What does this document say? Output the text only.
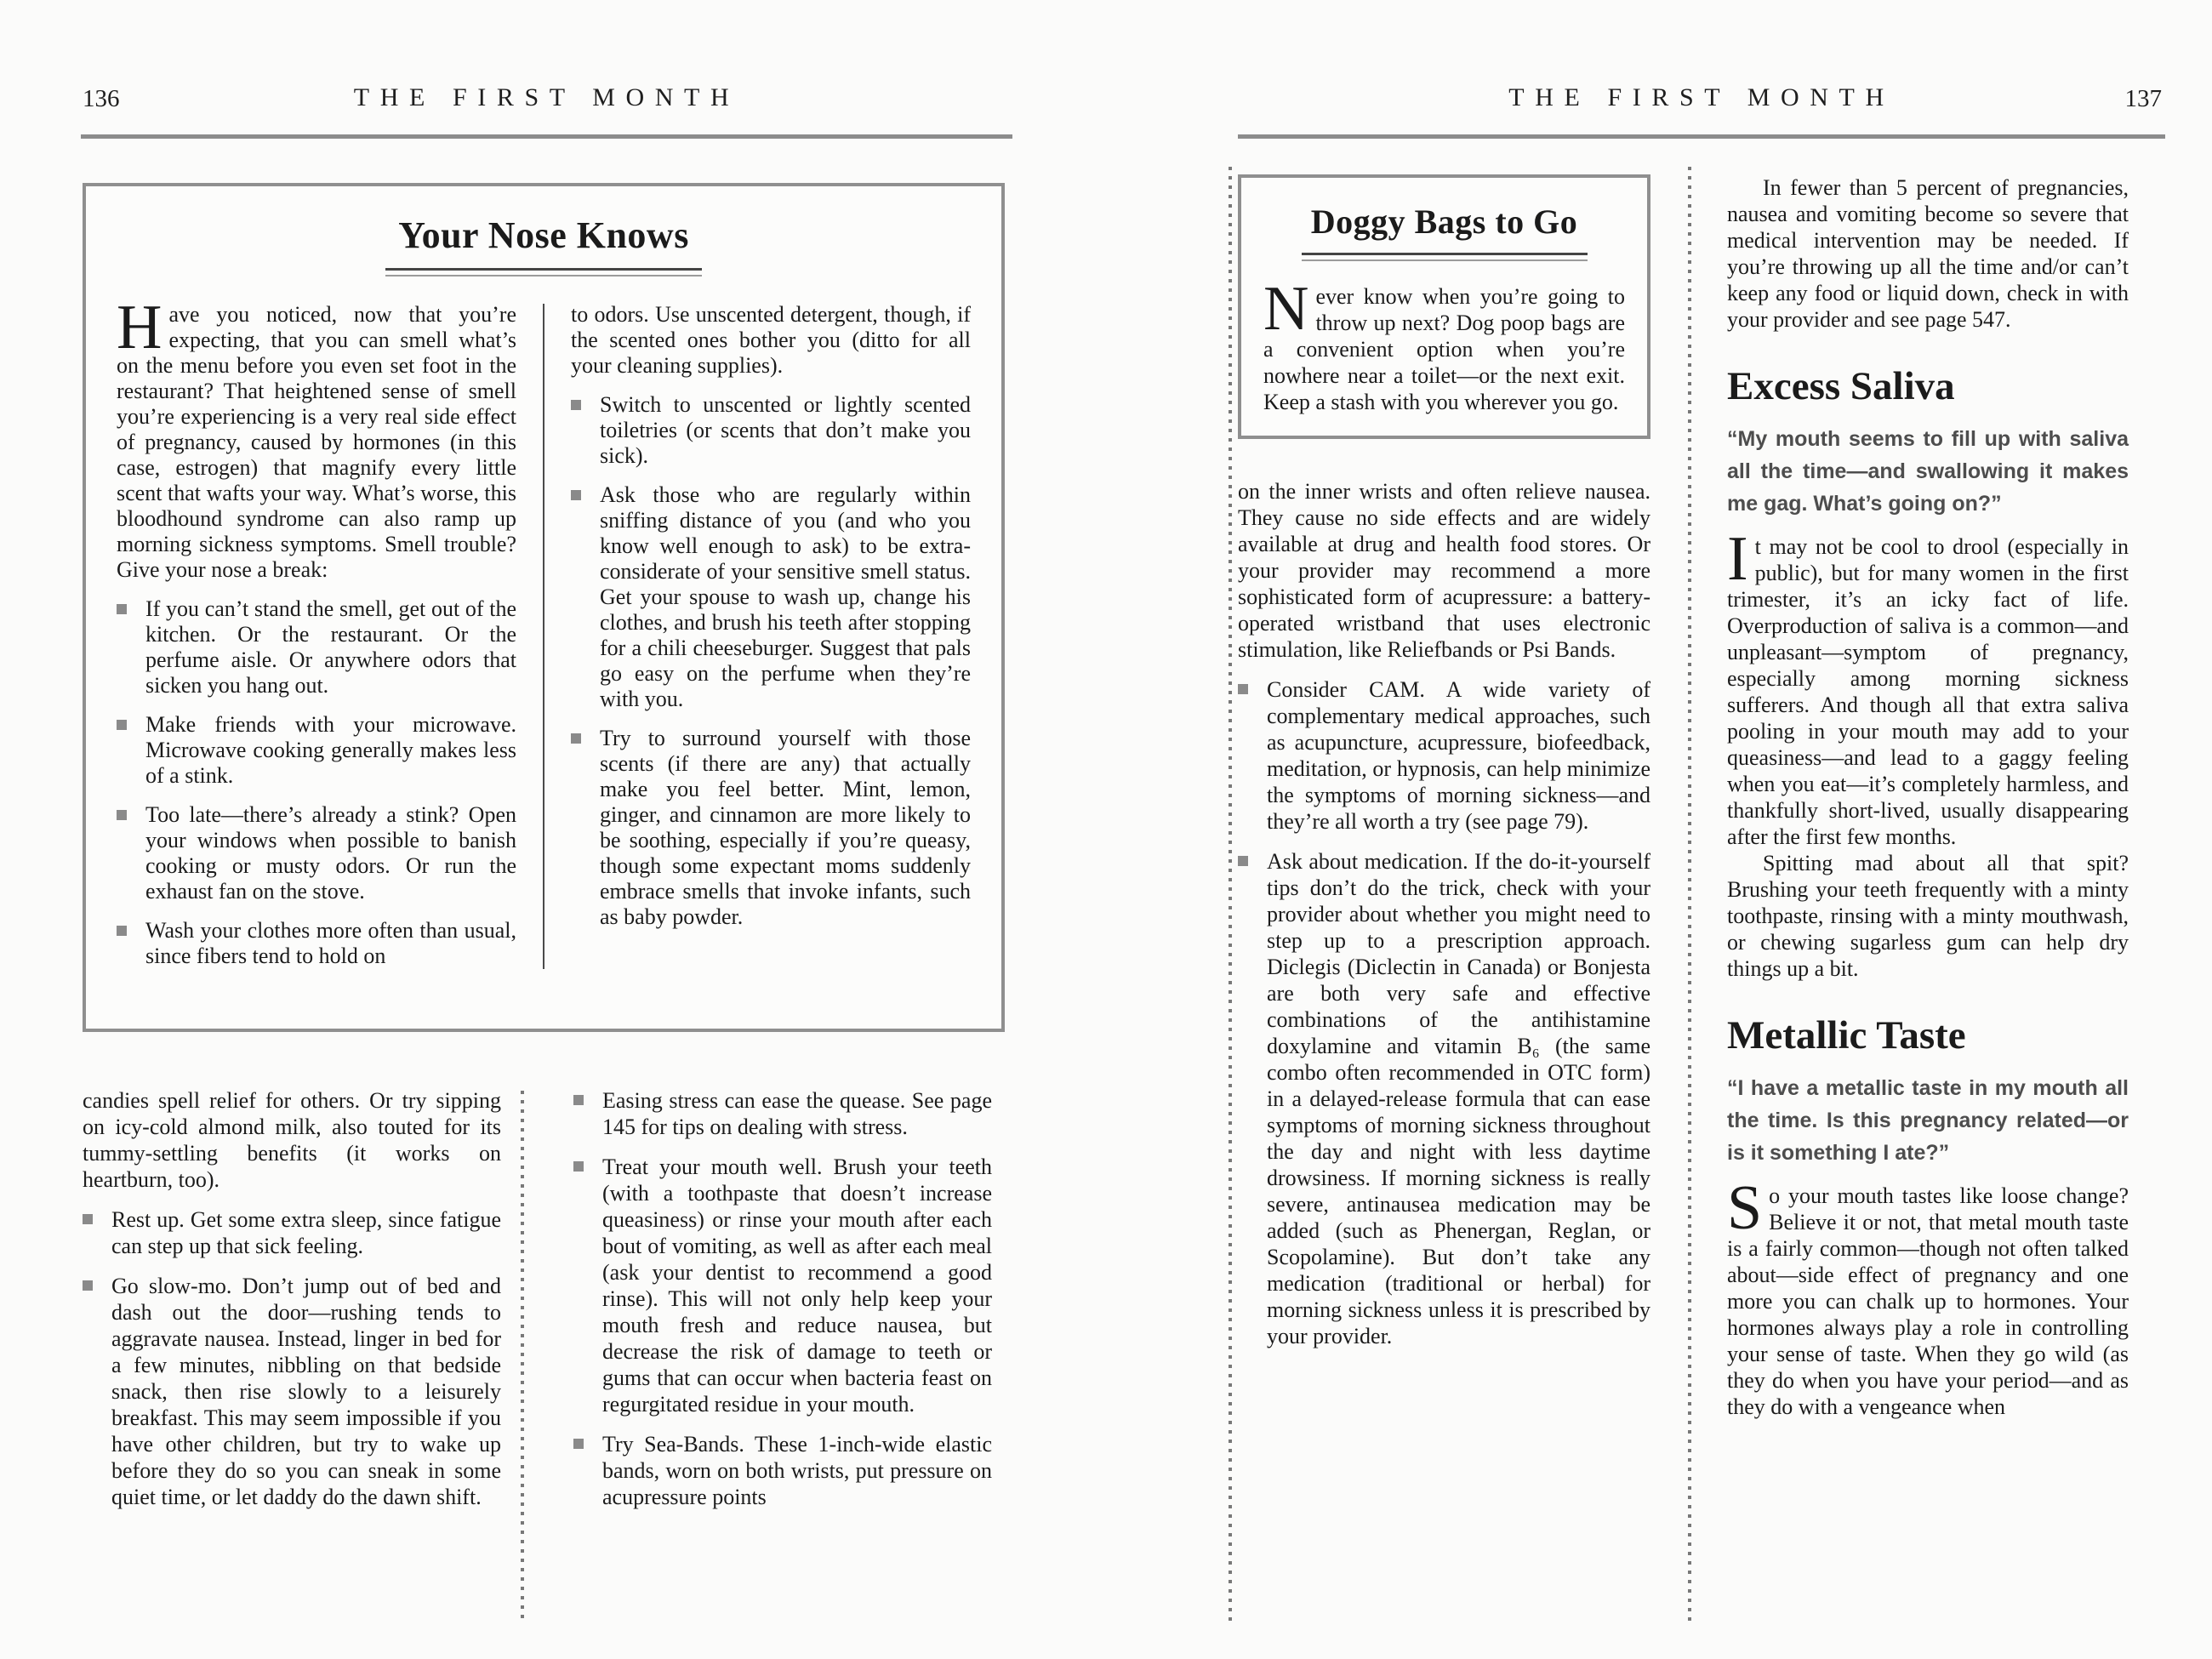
136	THE FIRST MONTH
Your Nose Knows

Have you noticed, now that you’re expecting, that you can smell what’s on the menu before you even set foot in the restaurant? That heightened sense of smell you’re experiencing is a very real side effect of pregnancy, caused by hormones (in this case, estrogen) that magnify every little scent that wafts your way. What’s worse, this bloodhound syndrome can also ramp up morning sickness symptoms. Smell trouble? Give your nose a break:

If you can’t stand the smell, get out of the kitchen. Or the restaurant. Or the perfume aisle. Or anywhere odors that sicken you hang out.
Make friends with your microwave. Microwave cooking generally makes less of a stink.
Too late—there’s already a stink? Open your windows when possible to banish cooking or musty odors. Or run the exhaust fan on the stove.
Wash your clothes more often than usual, since fibers tend to hold on

to odors. Use unscented detergent, though, if the scented ones bother you (ditto for all your cleaning supplies).

Switch to unscented or lightly scented toiletries (or scents that don’t make you sick).
Ask those who are regularly within sniffing distance of you (and who you know well enough to ask) to be extra-considerate of your sensitive smell status. Get your spouse to wash up, change his clothes, and brush his teeth after stopping for a chili cheeseburger. Suggest that pals go easy on the perfume when they’re with you.
Try to surround yourself with those scents (if there are any) that actually make you feel better. Mint, lemon, ginger, and cinnamon are more likely to be soothing, especially if you’re queasy, though some expectant moms suddenly embrace smells that invoke infants, such as baby powder.

candies spell relief for others. Or try sipping on icy-cold almond milk, also touted for its tummy-settling benefits (it works on heartburn, too).

Rest up. Get some extra sleep, since fatigue can step up that sick feeling.
Go slow-mo. Don’t jump out of bed and dash out the door—rushing tends to aggravate nausea. Instead, linger in bed for a few minutes, nibbling on that bedside snack, then rise slowly to a leisurely breakfast. This may seem impossible if you have other children, but try to wake up before they do so you can sneak in some quiet time, or let daddy do the dawn shift.
Easing stress can ease the quease. See page 145 for tips on dealing with stress.
Treat your mouth well. Brush your teeth (with a toothpaste that doesn’t increase queasiness) or rinse your mouth after each bout of vomiting, as well as after each meal (ask your dentist to recommend a good rinse). This will not only help keep your mouth fresh and reduce nausea, but decrease the risk of damage to teeth or gums that can occur when bacteria feast on regurgitated residue in your mouth.
Try Sea-Bands. These 1-inch-wide elastic bands, worn on both wrists, put pressure on acupressure points
THE FIRST MONTH	137
Doggy Bags to Go

Never know when you’re going to throw up next? Dog poop bags are a convenient option when you’re nowhere near a toilet—or the next exit. Keep a stash with you wherever you go.

on the inner wrists and often relieve nausea. They cause no side effects and are widely available at drug and health food stores. Or your provider may recommend a more sophisticated form of acupressure: a battery-operated wristband that uses electronic stimulation, like Reliefbands or Psi Bands.

Consider CAM. A wide variety of complementary medical approaches, such as acupuncture, acupressure, biofeedback, meditation, or hypnosis, can help minimize the symptoms of morning sickness—and they’re all worth a try (see page 79).
Ask about medication. If the do-it-yourself tips don’t do the trick, check with your provider about whether you might need to step up to a prescription approach. Diclegis (Diclectin in Canada) or Bonjesta are both very safe and effective combinations of the antihistamine doxylamine and vitamin B₆ (the same combo often recommended in OTC form) in a delayed-release formula that can ease symptoms of morning sickness throughout the day and night with less daytime drowsiness. If morning sickness is really severe, antinausea medication may be added (such as Phenergan, Reglan, or Scopolamine). But don’t take any medication (traditional or herbal) for morning sickness unless it is prescribed by your provider.

In fewer than 5 percent of pregnancies, nausea and vomiting become so severe that medical intervention may be needed. If you’re throwing up all the time and/or can’t keep any food or liquid down, check in with your provider and see page 547.

Excess Saliva

“My mouth seems to fill up with saliva all the time—and swallowing it makes me gag. What’s going on?”

It may not be cool to drool (especially in public), but for many women in the first trimester, it’s an icky fact of life. Overproduction of saliva is a common—and unpleasant—symptom of pregnancy, especially among morning sickness sufferers. And though all that extra saliva pooling in your mouth may add to your queasiness—and lead to a gaggy feeling when you eat—it’s completely harmless, and thankfully short-lived, usually disappearing after the first few months.

Spitting mad about all that spit? Brushing your teeth frequently with a minty toothpaste, rinsing with a minty mouthwash, or chewing sugarless gum can help dry things up a bit.

Metallic Taste

“I have a metallic taste in my mouth all the time. Is this pregnancy related—or is it something I ate?”

So your mouth tastes like loose change? Believe it or not, that metal mouth taste is a fairly common—though not often talked about—side effect of pregnancy and one more you can chalk up to hormones. Your hormones always play a role in controlling your sense of taste. When they go wild (as they do when you have your period—and as they do with a vengeance when
